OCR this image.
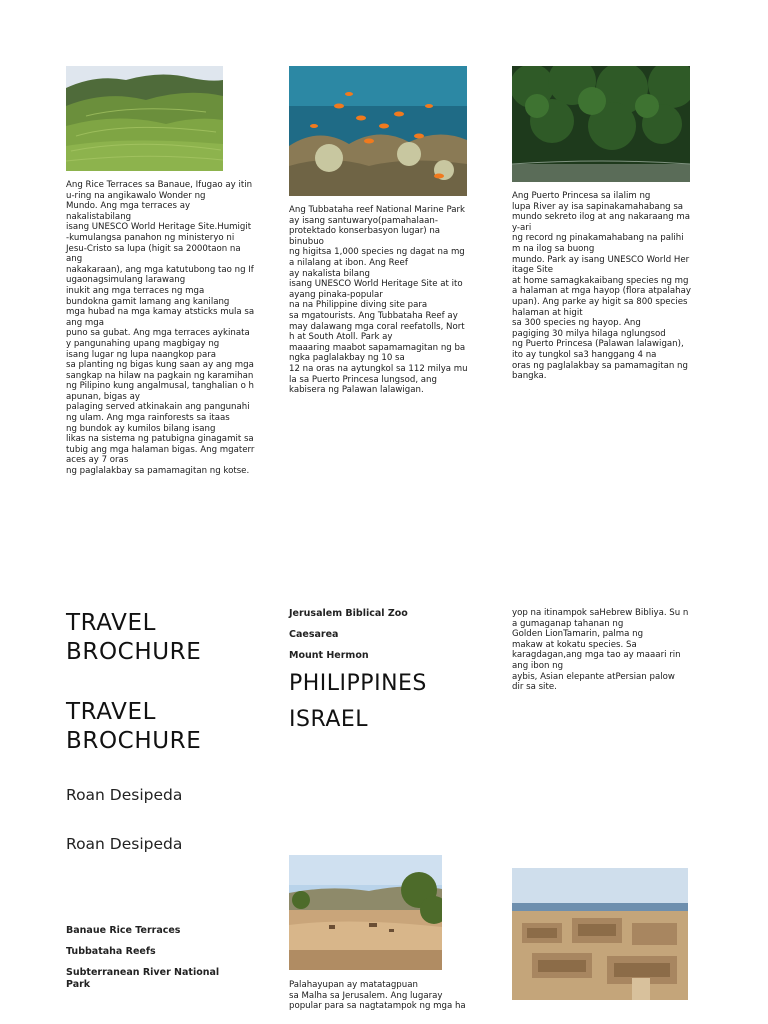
Ang Rice Terraces sa Banaue, Ifugao ay itin
u-ring na angikawalo Wonder ng
Mundo. Ang mga terraces ay
nakalistabilang
isang UNESCO World Heritage Site.Humigit
-kumulangsa panahon ng ministeryo ni
Jesu-Cristo sa lupa (higit sa 2000taon na
ang
nakakaraan), ang mga katutubong tao ng If
ugaonagsimulang larawang
inukit ang mga terraces ng mga
bundokna gamit lamang ang kanilang
mga hubad na mga kamay atsticks mula sa
ang mga
puno sa gubat. Ang mga terraces aykinata
y pangunahing upang magbigay ng
isang lugar ng lupa naangkop para
sa planting ng bigas kung saan ay ang mga
sangkap na hilaw na pagkain ng karamihan
ng Pilipino kung angalmusal, tanghalian o h
apunan, bigas ay
palaging served atkinakain ang pangunahi
ng ulam. Ang mga rainforests sa itaas
ng bundok ay kumilos bilang isang
likas na sistema ng patubigna ginagamit sa
tubig ang mga halaman bigas. Ang mgaterr
aces ay 7 oras
ng paglalakbay sa pamamagitan ng kotse.
Ang Tubbataha reef National Marine Park
ay isang santuwaryo(pamahalaan-
protektado konserbasyon lugar) na
binubuo
ng higitsa 1,000 species ng dagat na mg
a nilalang at ibon. Ang Reef
ay nakalista bilang
isang UNESCO World Heritage Site at ito
ayang pinaka-popular
na na Philippine diving site para
sa mgatourists. Ang Tubbataha Reef ay
may dalawang mga coral reefatolls, Nort
h at South Atoll. Park ay
maaaring maabot sapamamagitan ng ba
ngka paglalakbay ng 10 sa
12 na oras na aytungkol sa 112 milya mu
la sa Puerto Princesa lungsod, ang
kabisera ng Palawan lalawigan.
Ang Puerto Princesa sa ilalim ng
lupa River ay isa sapinakamahabang sa
mundo sekreto ilog at ang nakaraang ma
y-ari
ng record ng pinakamahabang na palihi
m na ilog sa buong
mundo. Park ay isang UNESCO World Her
itage Site
at home samagkakaibang species ng mg
a halaman at mga hayop (flora atpalahay
upan). Ang parke ay higit sa 800 species
halaman at higit
sa 300 species ng hayop. Ang
pagiging 30 milya hilaga nglungsod
ng Puerto Princesa (Palawan lalawigan),
ito ay tungkol sa3 hanggang 4 na
oras ng paglalakbay sa pamamagitan ng
bangka.
TRAVEL
BROCHURE
TRAVEL
BROCHURE
Roan Desipeda
Roan Desipeda
Banaue Rice Terraces
Tubbataha Reefs
Subterranean River National Park
Jerusalem Biblical Zoo
Caesarea
Mount Hermon
PHILIPPINES
ISRAEL
yop na itinampok saHebrew Bibliya. Su n
a gumaganap tahanan ng
Golden LionTamarin, palma ng
makaw at kokatu species. Sa
karagdagan,ang mga tao ay maaari rin
ang ibon ng
aybis, Asian elepante atPersian palow
dir sa site.
Palahayupan ay matatagpuan
sa Malha sa Jerusalem. Ang lugaray
popular para sa nagtatampok ng mga ha
